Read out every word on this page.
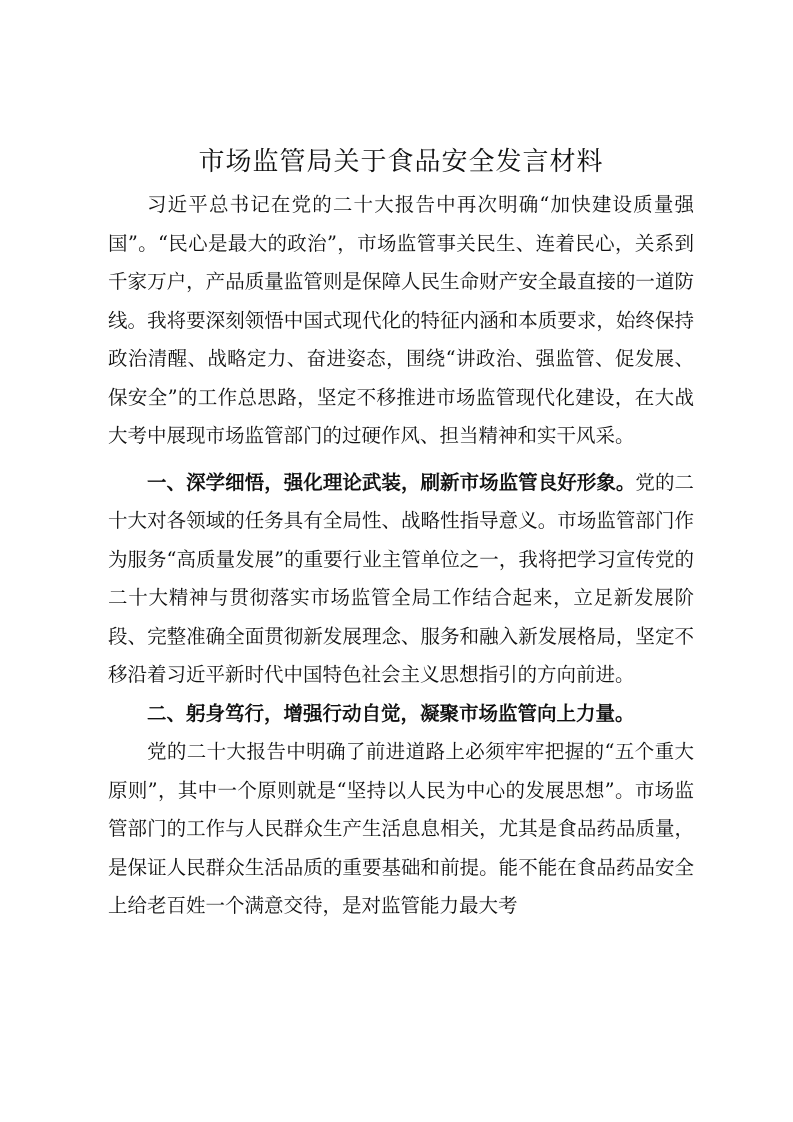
市场监管局关于食品安全发言材料

习近平总书记在党的二十大报告中再次明确“加快建设质量强国”。“民心是最大的政治”，市场监管事关民生、连着民心，关系到千家万户，产品质量监管则是保障人民生命财产安全最直接的一道防线。我将要深刻领悟中国式现代化的特征内涵和本质要求，始终保持政治清醒、战略定力、奋进姿态，围绕“讲政治、强监管、促发展、保安全”的工作总思路，坚定不移推进市场监管现代化建设，在大战大考中展现市场监管部门的过硬作风、担当精神和实干风采。

一、深学细悟，强化理论武装，刷新市场监管良好形象。党的二十大对各领域的任务具有全局性、战略性指导意义。市场监管部门作为服务“高质量发展”的重要行业主管单位之一，我将把学习宣传党的二十大精神与贯彻落实市场监管全局工作结合起来，立足新发展阶段、完整准确全面贯彻新发展理念、服务和融入新发展格局，坚定不移沿着习近平新时代中国特色社会主义思想指引的方向前进。

二、躬身笃行，增强行动自觉，凝聚市场监管向上力量。

党的二十大报告中明确了前进道路上必须牢牢把握的“五个重大原则”，其中一个原则就是“坚持以人民为中心的发展思想”。市场监管部门的工作与人民群众生产生活息息相关，尤其是食品药品质量，是保证人民群众生活品质的重要基础和前提。能不能在食品药品安全上给老百姓一个满意交待，是对监管能力最大考
